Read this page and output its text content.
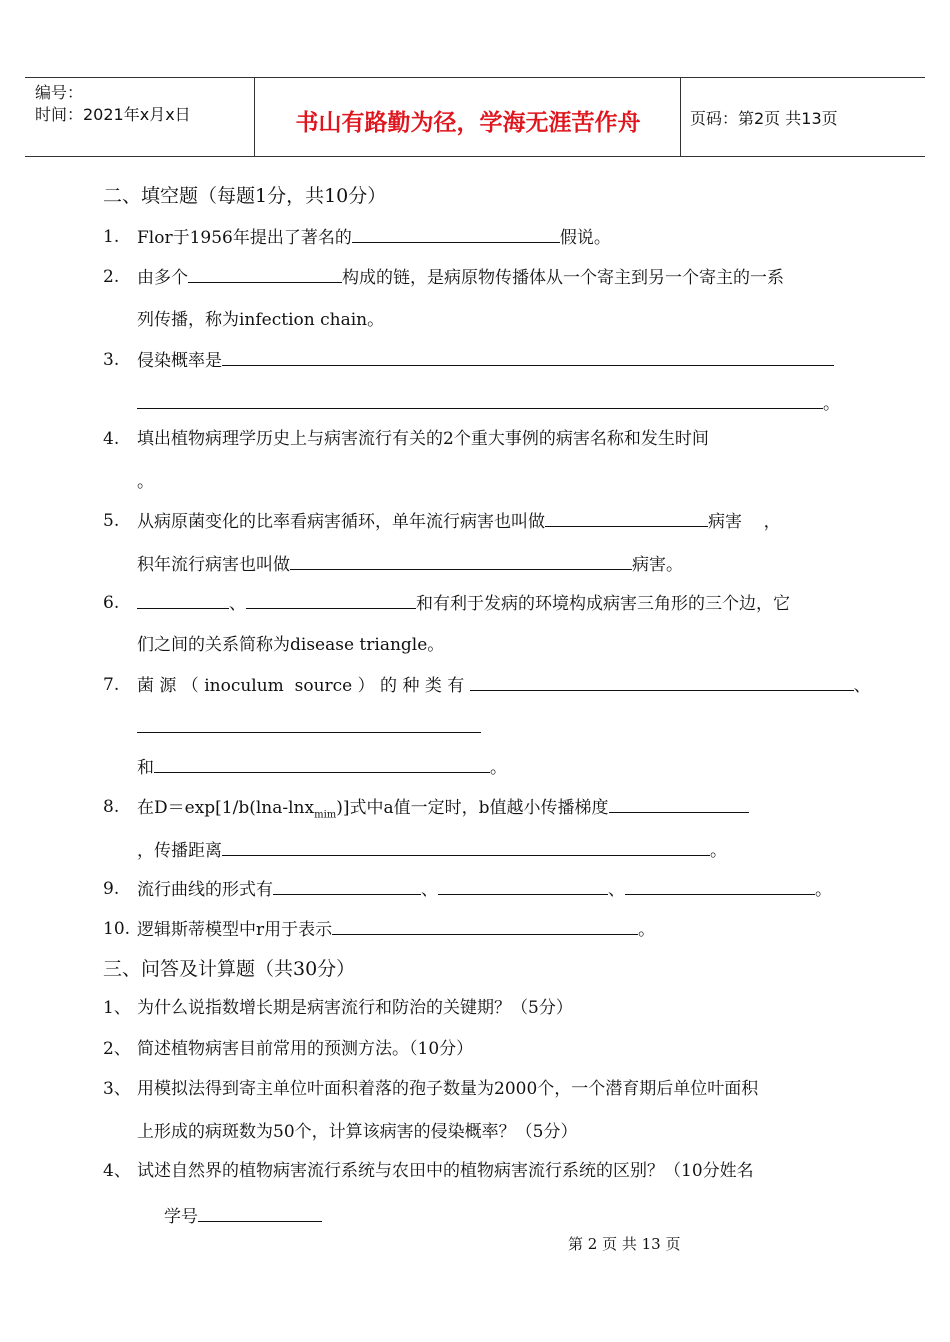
编号：
时间：2021年x月x日	书山有路勤为径，学海无涯苦作舟	页码：第2页 共13页
二、填空题（每题1分，共10分）
1. Flor于1956年提出了著名的	假说。
2. 由多个	构成的链，是病原物传播体从一个寄主到另一个寄主的一系
列传播，称为infection chain。
3. 侵染概率是
。
4. 填出植物病理学历史上与病害流行有关的2个重大事例的病害名称和发生时间
。
5. 从病原菌变化的比率看病害循环，单年流行病害也叫做	病害    ，
积年流行病害也叫做	病害。
6.	、	和有利于发病的环境构成病害三角形的三个边，它
们之间的关系简称为disease triangle。
7. 菌 源 （ inoculum  source ） 的 种 类 有	、
和	。
8. 在D＝exp[1/b(lna-lnx$_{mim}$)]式中a值一定时，b值越小传播梯度
，传播距离	。
9. 流行曲线的形式有	、	、	。
10. 逻辑斯蒂模型中r用于表示	。
三、问答及计算题（共30分）
1、 为什么说指数增长期是病害流行和防治的关键期？（5分）
2、 简述植物病害目前常用的预测方法。（10分）
3、 用模拟法得到寄主单位叶面积着落的孢子数量为2000个，一个潜育期后单位叶面积
上形成的病斑数为50个，计算该病害的侵染概率？（5分）
4、 试述自然界的植物病害流行系统与农田中的植物病害流行系统的区别？（10分姓名
学号
第 2 页 共 13 页
